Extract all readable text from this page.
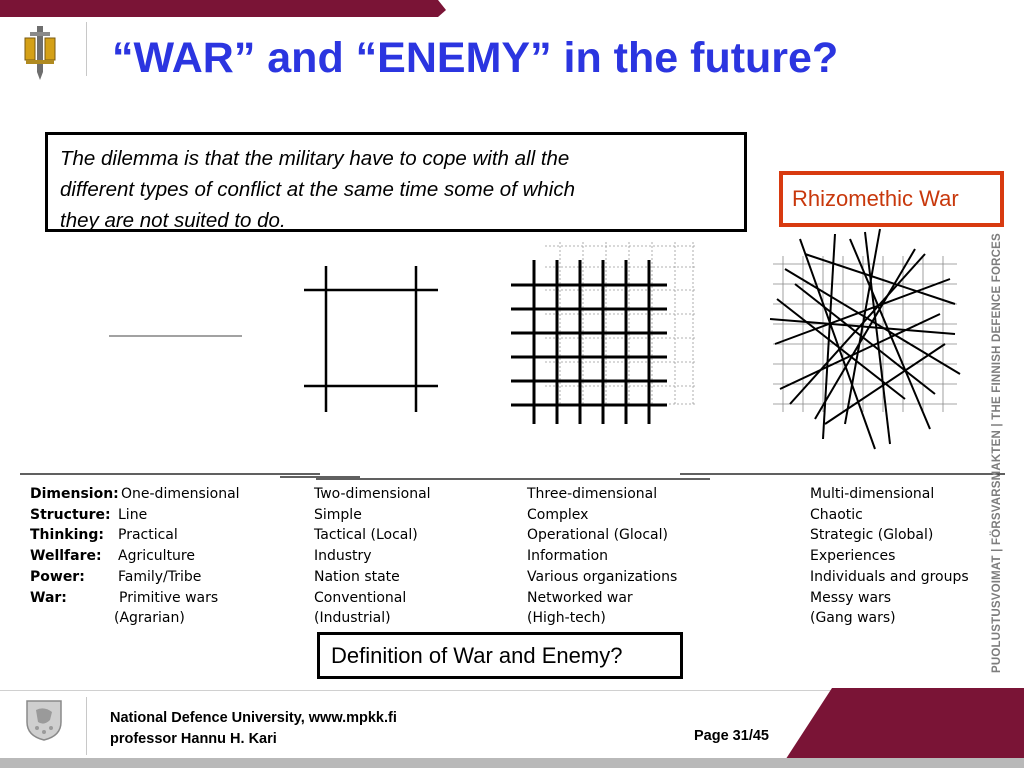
“WAR” and “ENEMY” in the future?
The dilemma is that the military have to cope with all the
different types of conflict at the same time some of which
they are not suited to do.
Rhizomethic War
Dimension:
Structure:
Thinking:
Wellfare:
Power:
War:
One-dimensional
Line
Practical
Agriculture
Family/Tribe
Primitive wars
(Agrarian)
Two-dimensional
Simple
Tactical (Local)
Industry
Nation state
Conventional
(Industrial)
Three-dimensional
Complex
Operational (Glocal)
Information
Various organizations
Networked war
(High-tech)
Multi-dimensional
Chaotic
Strategic (Global)
Experiences
Individuals and groups
Messy wars
(Gang wars)
Definition of War and Enemy?	PUOLUSTUSVOIMAT | FÖRSVARSMAKTEN | THE FINNISH DEFENCE FORCES
National Defence University, www.mpkk.fi
professor Hannu H. Kari	Page 31/45
